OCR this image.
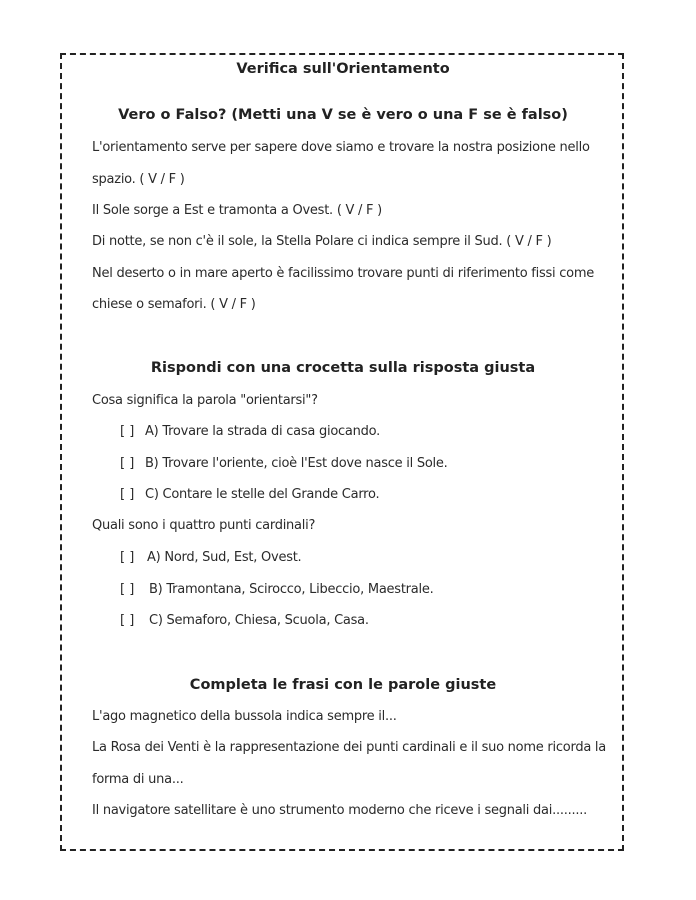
Verifica sull'Orientamento
Vero o Falso? (Metti una V se è vero o una F se è falso)
L'orientamento serve per sapere dove siamo e trovare la nostra posizione nello
spazio. ( V / F )
Il Sole sorge a Est e tramonta a Ovest. ( V / F )
Di notte, se non c'è il sole, la Stella Polare ci indica sempre il Sud. ( V / F )
Nel deserto o in mare aperto è facilissimo trovare punti di riferimento fissi come
chiese o semafori. ( V / F )
Rispondi con una crocetta sulla risposta giusta
Cosa significa la parola "orientarsi"?
[ ] A) Trovare la strada di casa giocando.
[ ] B) Trovare l'oriente, cioè l'Est dove nasce il Sole.
[ ] C) Contare le stelle del Grande Carro.
Quali sono i quattro punti cardinali?
[ ] A) Nord, Sud, Est, Ovest.
[ ] B) Tramontana, Scirocco, Libeccio, Maestrale.
[ ] C) Semaforo, Chiesa, Scuola, Casa.
Completa le frasi con le parole giuste
L'ago magnetico della bussola indica sempre il...
La Rosa dei Venti è la rappresentazione dei punti cardinali e il suo nome ricorda la
forma di una...
Il navigatore satellitare è uno strumento moderno che riceve i segnali dai.........
